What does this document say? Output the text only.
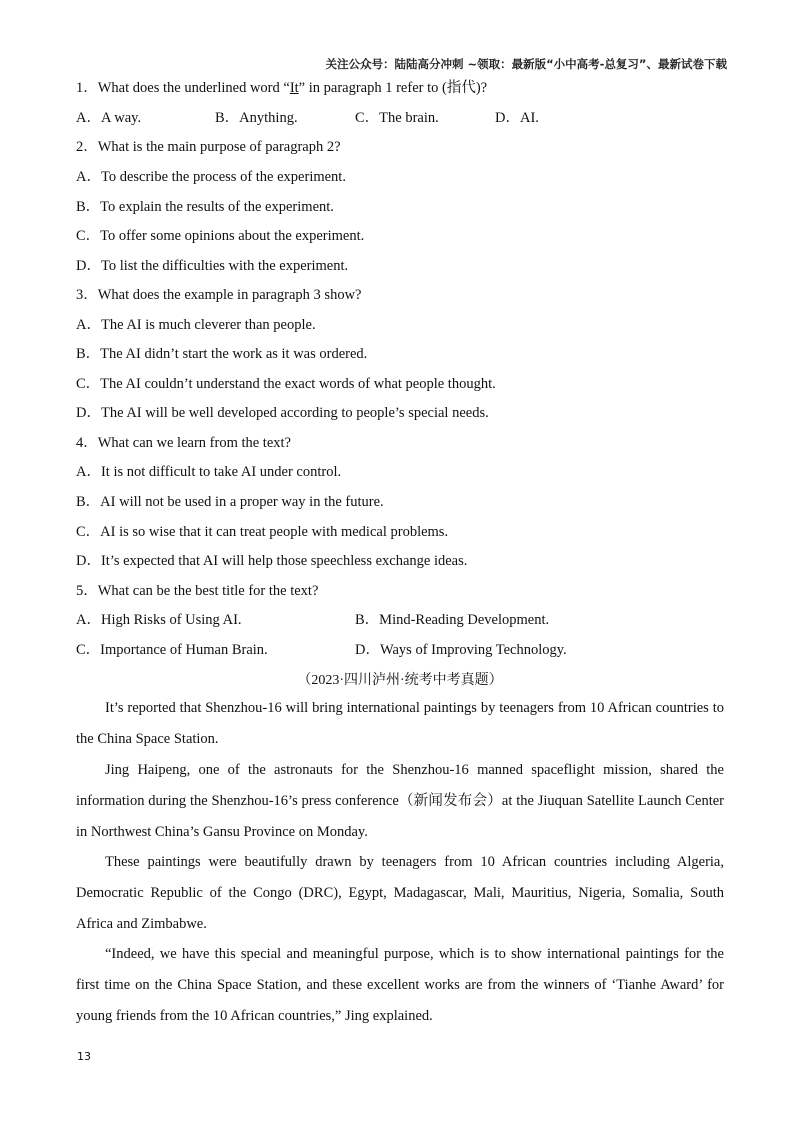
关注公众号：陆陆高分冲刺 ~领取：最新版“小中高考-总复习”、最新试卷下载
1．What does the underlined word “It” in paragraph 1 refer to (指代)?
A．A way.	B．Anything.	C．The brain.	D．AI.
2．What is the main purpose of paragraph 2?
A．To describe the process of the experiment.
B．To explain the results of the experiment.
C．To offer some opinions about the experiment.
D．To list the difficulties with the experiment.
3．What does the example in paragraph 3 show?
A．The AI is much cleverer than people.
B．The AI didn’t start the work as it was ordered.
C．The AI couldn’t understand the exact words of what people thought.
D．The AI will be well developed according to people’s special needs.
4．What can we learn from the text?
A．It is not difficult to take AI under control.
B．AI will not be used in a proper way in the future.
C．AI is so wise that it can treat people with medical problems.
D．It’s expected that AI will help those speechless exchange ideas.
5．What can be the best title for the text?
A．High Risks of Using AI.	B．Mind-Reading Development.
C．Importance of Human Brain.	D．Ways of Improving Technology.
（2023·四川泸州·统考中考真题）

It’s reported that Shenzhou-16 will bring international paintings by teenagers from 10 African countries to the China Space Station.

Jing Haipeng, one of the astronauts for the Shenzhou-16 manned spaceflight mission, shared the information during the Shenzhou-16’s press conference（新闻发布会）at the Jiuquan Satellite Launch Center in Northwest China’s Gansu Province on Monday.

These paintings were beautifully drawn by teenagers from 10 African countries including Algeria, Democratic Republic of the Congo (DRC), Egypt, Madagascar, Mali, Mauritius, Nigeria, Somalia, South Africa and Zimbabwe.

“Indeed, we have this special and meaningful purpose, which is to show international paintings for the first time on the China Space Station, and these excellent works are from the winners of ‘Tianhe Award’ for young friends from the 10 African countries,” Jing explained.

13
